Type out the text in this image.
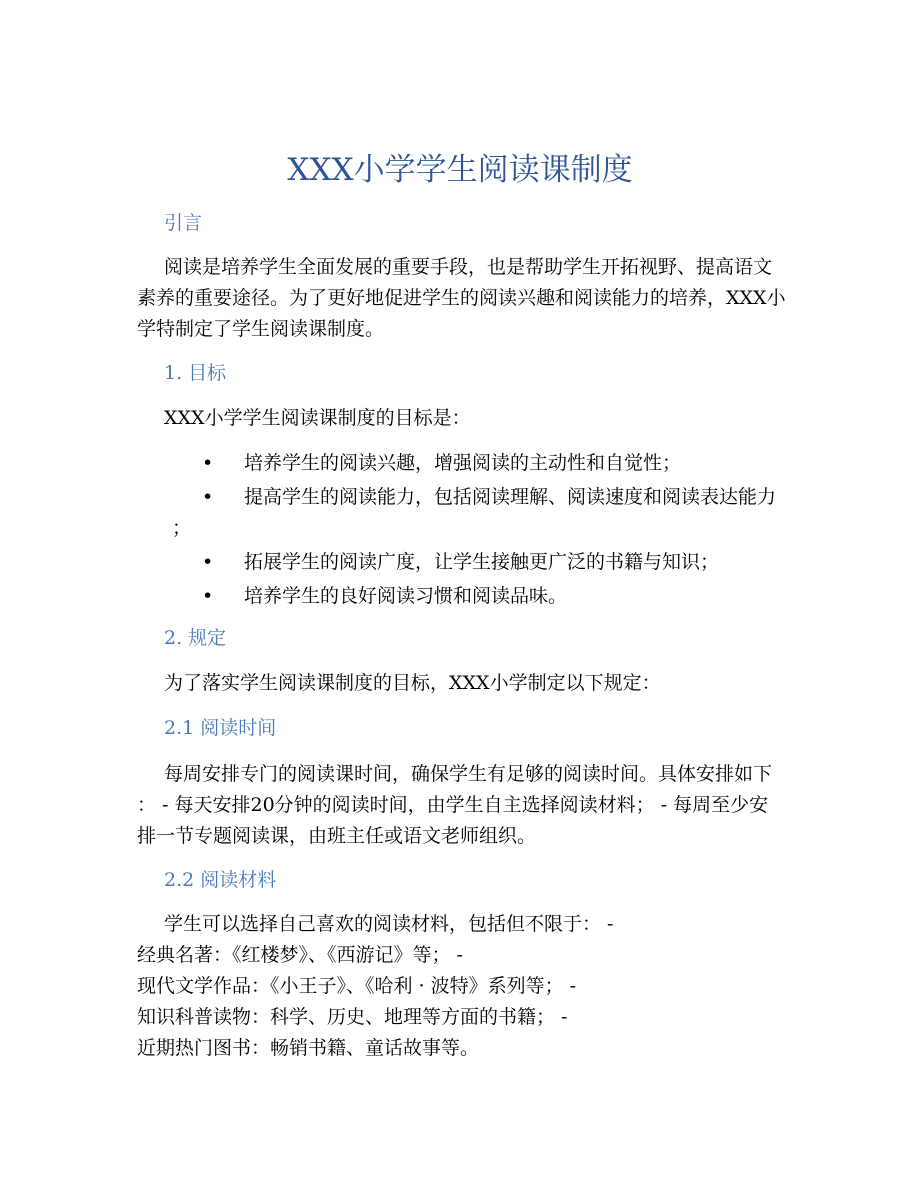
XXX小学学生阅读课制度
引言
阅读是培养学生全面发展的重要手段，也是帮助学生开拓视野、提高语文素养的重要途径。为了更好地促进学生的阅读兴趣和阅读能力的培养，XXX小学特制定了学生阅读课制度。
1. 目标
XXX小学学生阅读课制度的目标是：
• 培养学生的阅读兴趣，增强阅读的主动性和自觉性；
• 提高学生的阅读能力，包括阅读理解、阅读速度和阅读表达能力；
• 拓展学生的阅读广度，让学生接触更广泛的书籍与知识；
• 培养学生的良好阅读习惯和阅读品味。
2. 规定
为了落实学生阅读课制度的目标，XXX小学制定以下规定：
2.1 阅读时间
每周安排专门的阅读课时间，确保学生有足够的阅读时间。具体安排如下： - 每天安排20分钟的阅读时间，由学生自主选择阅读材料； - 每周至少安排一节专题阅读课，由班主任或语文老师组织。
2.2 阅读材料
学生可以选择自己喜欢的阅读材料，包括但不限于： -
经典名著：《红楼梦》、《西游记》等； -
现代文学作品：《小王子》、《哈利 · 波特》系列等； -
知识科普读物：科学、历史、地理等方面的书籍； -
近期热门图书：畅销书籍、童话故事等。
